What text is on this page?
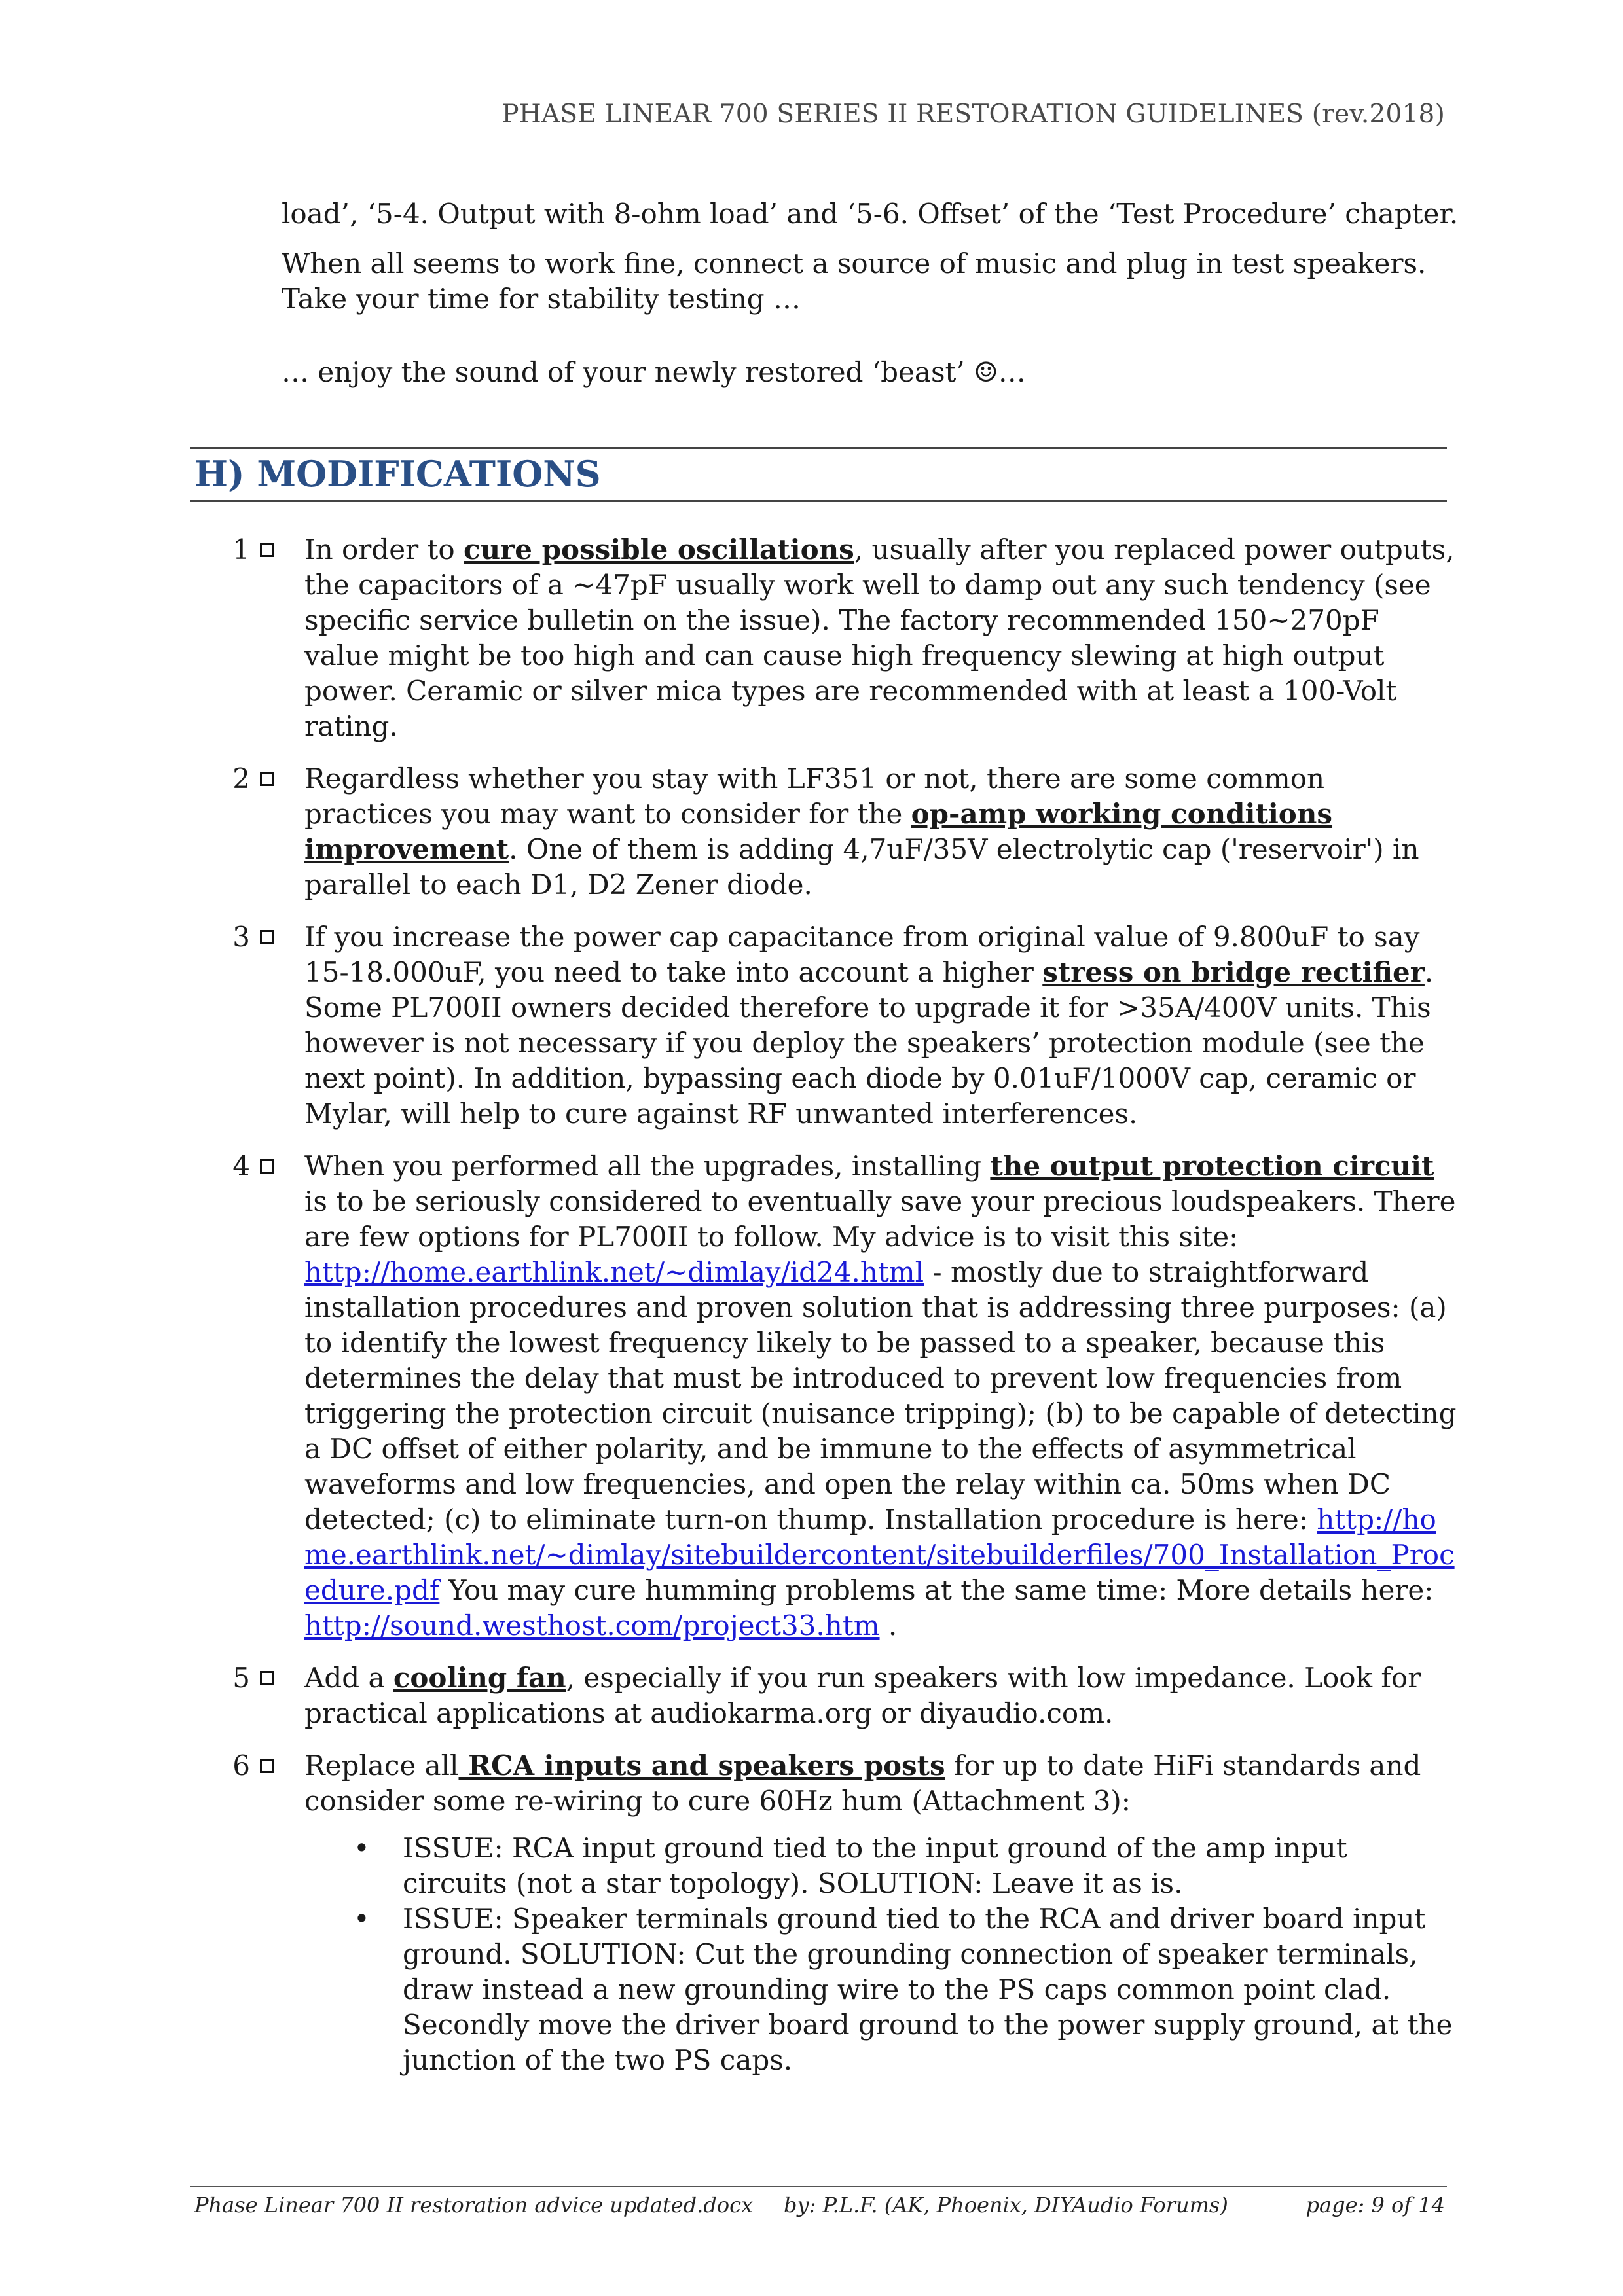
PHASE LINEAR 700 SERIES II RESTORATION GUIDELINES (rev.2018)

load’, ‘5-4. Output with 8-ohm load’ and ‘5-6. Offset’ of the ‘Test Procedure’ chapter.

When all seems to work fine, connect a source of music and plug in test speakers. Take your time for stability testing …

… enjoy the sound of your newly restored ‘beast’ ☺…

H) MODIFICATIONS
1 In order to cure possible oscillations, usually after you replaced power outputs, the capacitors of a ~47pF usually work well to damp out any such tendency (see specific service bulletin on the issue). The factory recommended 150~270pF value might be too high and can cause high frequency slewing at high output power. Ceramic or silver mica types are recommended with at least a 100-Volt rating.
2 Regardless whether you stay with LF351 or not, there are some common practices you may want to consider for the op-amp working conditions improvement. One of them is adding 4,7uF/35V electrolytic cap ('reservoir') in parallel to each D1, D2 Zener diode.
3 If you increase the power cap capacitance from original value of 9.800uF to say 15-18.000uF, you need to take into account a higher stress on bridge rectifier. Some PL700II owners decided therefore to upgrade it for >35A/400V units. This however is not necessary if you deploy the speakers’ protection module (see the next point). In addition, bypassing each diode by 0.01uF/1000V cap, ceramic or Mylar, will help to cure against RF unwanted interferences.
4 When you performed all the upgrades, installing the output protection circuit is to be seriously considered to eventually save your precious loudspeakers. There are few options for PL700II to follow. My advice is to visit this site: http://home.earthlink.net/~dimlay/id24.html - mostly due to straightforward installation procedures and proven solution that is addressing three purposes: (a) to identify the lowest frequency likely to be passed to a speaker, because this determines the delay that must be introduced to prevent low frequencies from triggering the protection circuit (nuisance tripping); (b) to be capable of detecting a DC offset of either polarity, and be immune to the effects of asymmetrical waveforms and low frequencies, and open the relay within ca. 50ms when DC detected; (c) to eliminate turn-on thump. Installation procedure is here: http://home.earthlink.net/~dimlay/sitebuildercontent/sitebuilderfiles/700_Installation_Procedure.pdf You may cure humming problems at the same time: More details here: http://sound.westhost.com/project33.htm .
5 Add a cooling fan, especially if you run speakers with low impedance. Look for practical applications at audiokarma.org or diyaudio.com.
6 Replace all RCA inputs and speakers posts for up to date HiFi standards and consider some re-wiring to cure 60Hz hum (Attachment 3):
• ISSUE: RCA input ground tied to the input ground of the amp input circuits (not a star topology). SOLUTION: Leave it as is.
• ISSUE: Speaker terminals ground tied to the RCA and driver board input ground. SOLUTION: Cut the grounding connection of speaker terminals, draw instead a new grounding wire to the PS caps common point clad. Secondly move the driver board ground to the power supply ground, at the junction of the two PS caps.
Phase Linear 700 II restoration advice updated.docx by: P.L.F. (AK, Phoenix, DIYAudio Forums)	page: 9 of 14
